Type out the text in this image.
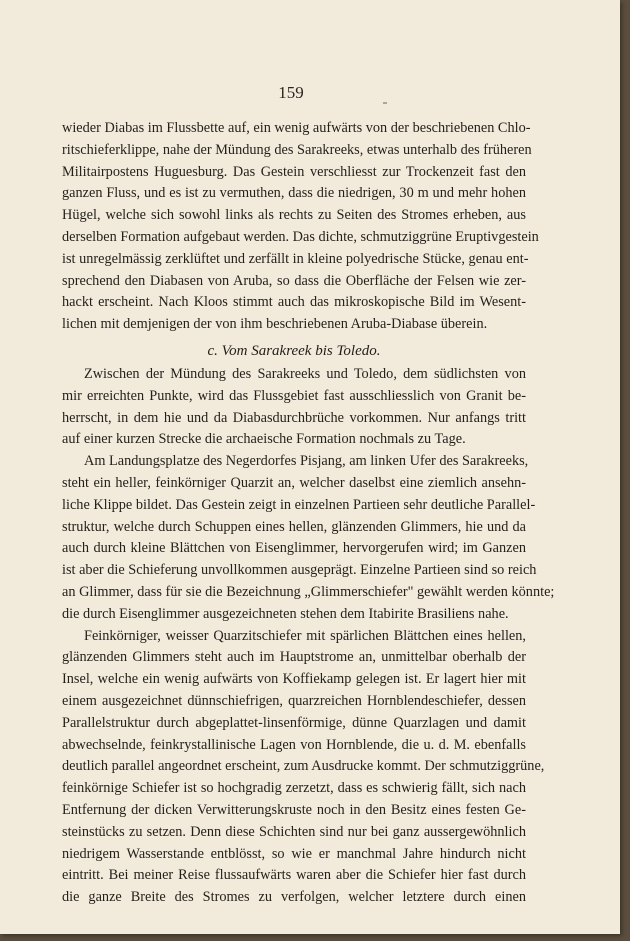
159
wieder Diabas im Flussbette auf, ein wenig aufwärts von der beschriebenen Chlo-
ritschieferklippe, nahe der Mündung des Sarakreeks, etwas unterhalb des früheren
Militairpostens Huguesburg. Das Gestein verschliesst zur Trockenzeit fast den
ganzen Fluss, und es ist zu vermuthen, dass die niedrigen, 30 m und mehr hohen
Hügel, welche sich sowohl links als rechts zu Seiten des Stromes erheben, aus
derselben Formation aufgebaut werden. Das dichte, schmutziggrüne Eruptivgestein
ist unregelmässig zerklüftet und zerfällt in kleine polyedrische Stücke, genau ent-
sprechend den Diabasen von Aruba, so dass die Oberfläche der Felsen wie zer-
hackt erscheint. Nach Kloos stimmt auch das mikroskopische Bild im Wesent-
lichen mit demjenigen der von ihm beschriebenen Aruba-Diabase überein.
c. Vom Sarakreek bis Toledo.
Zwischen der Mündung des Sarakreeks und Toledo, dem südlichsten von
mir erreichten Punkte, wird das Flussgebiet fast ausschliesslich von Granit be-
herrscht, in dem hie und da Diabasdurchbrüche vorkommen. Nur anfangs tritt
auf einer kurzen Strecke die archaeische Formation nochmals zu Tage.
Am Landungsplatze des Negerdorfes Pisjang, am linken Ufer des Sarakreeks,
steht ein heller, feinkörniger Quarzit an, welcher daselbst eine ziemlich ansehn-
liche Klippe bildet. Das Gestein zeigt in einzelnen Partieen sehr deutliche Parallel-
struktur, welche durch Schuppen eines hellen, glänzenden Glimmers, hie und da
auch durch kleine Blättchen von Eisenglimmer, hervorgerufen wird; im Ganzen
ist aber die Schieferung unvollkommen ausgeprägt. Einzelne Partieen sind so reich
an Glimmer, dass für sie die Bezeichnung „Glimmerschiefer" gewählt werden könnte;
die durch Eisenglimmer ausgezeichneten stehen dem Itabirite Brasiliens nahe.
Feinkörniger, weisser Quarzitschiefer mit spärlichen Blättchen eines hellen,
glänzenden Glimmers steht auch im Hauptstrome an, unmittelbar oberhalb der
Insel, welche ein wenig aufwärts von Koffiekamp gelegen ist. Er lagert hier mit
einem ausgezeichnet dünnschiefrigen, quarzreichen Hornblendeschiefer, dessen
Parallelstruktur durch abgeplattet-linsenförmige, dünne Quarzlagen und damit
abwechselnde, feinkrystallinische Lagen von Hornblende, die u. d. M. ebenfalls
deutlich parallel angeordnet erscheint, zum Ausdrucke kommt. Der schmutziggrüne,
feinkörnige Schiefer ist so hochgradig zerzetzt, dass es schwierig fällt, sich nach
Entfernung der dicken Verwitterungskruste noch in den Besitz eines festen Ge-
steinstücks zu setzen. Denn diese Schichten sind nur bei ganz aussergewöhnlich
niedrigem Wasserstande entblösst, so wie er manchmal Jahre hindurch nicht
eintritt. Bei meiner Reise flussaufwärts waren aber die Schiefer hier fast durch
die ganze Breite des Stromes zu verfolgen, welcher letztere durch einen
